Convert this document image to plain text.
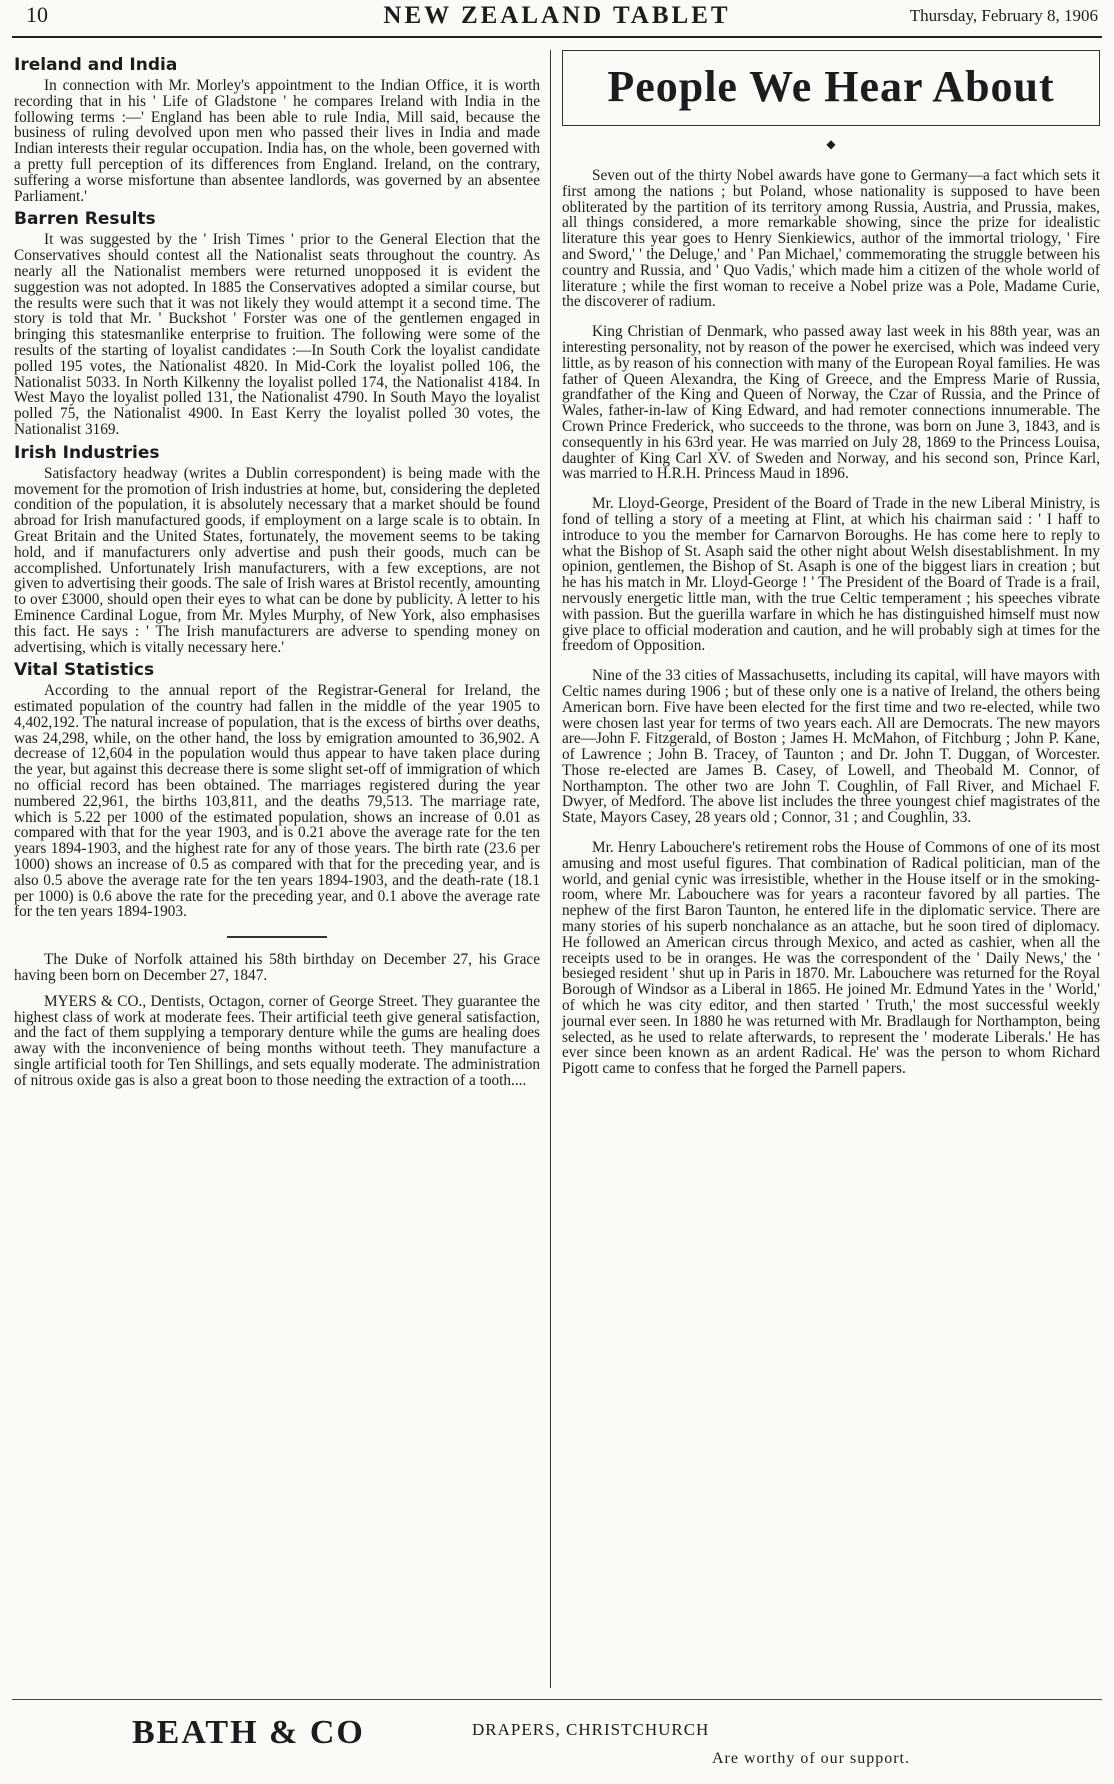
10	NEW ZEALAND TABLET	Thursday, February 8, 1906
Ireland and India

In connection with Mr. Morley's appointment to the Indian Office, it is worth recording that in his ' Life of Gladstone ' he compares Ireland with India in the following terms :—' England has been able to rule India, Mill said, because the business of ruling devolved upon men who passed their lives in India and made Indian interests their regular occupation. India has, on the whole, been governed with a pretty full perception of its differences from England. Ireland, on the contrary, suffering a worse misfortune than absentee landlords, was governed by an absentee Parliament.'

Barren Results

It was suggested by the ' Irish Times ' prior to the General Election that the Conservatives should contest all the Nationalist seats throughout the country. As nearly all the Nationalist members were returned unopposed it is evident the suggestion was not adopted. In 1885 the Conservatives adopted a similar course, but the results were such that it was not likely they would attempt it a second time. The story is told that Mr. ' Buckshot ' Forster was one of the gentlemen engaged in bringing this statesmanlike enterprise to fruition. The following were some of the results of the starting of loyalist candidates :—In South Cork the loyalist candidate polled 195 votes, the Nationalist 4820. In Mid-Cork the loyalist polled 106, the Nationalist 5033. In North Kilkenny the loyalist polled 174, the Nationalist 4184. In West Mayo the loyalist polled 131, the Nationalist 4790. In South Mayo the loyalist polled 75, the Nationalist 4900. In East Kerry the loyalist polled 30 votes, the Nationalist 3169.

Irish Industries

Satisfactory headway (writes a Dublin correspondent) is being made with the movement for the promotion of Irish industries at home, but, considering the depleted condition of the population, it is absolutely necessary that a market should be found abroad for Irish manufactured goods, if employment on a large scale is to obtain. In Great Britain and the United States, fortunately, the movement seems to be taking hold, and if manufacturers only advertise and push their goods, much can be accomplished. Unfortunately Irish manufacturers, with a few exceptions, are not given to advertising their goods. The sale of Irish wares at Bristol recently, amounting to over £3000, should open their eyes to what can be done by publicity. A letter to his Eminence Cardinal Logue, from Mr. Myles Murphy, of New York, also emphasises this fact. He says : ' The Irish manufacturers are adverse to spending money on advertising, which is vitally necessary here.'

Vital Statistics

According to the annual report of the Registrar-General for Ireland, the estimated population of the country had fallen in the middle of the year 1905 to 4,402,192. The natural increase of population, that is the excess of births over deaths, was 24,298, while, on the other hand, the loss by emigration amounted to 36,902. A decrease of 12,604 in the population would thus appear to have taken place during the year, but against this decrease there is some slight set-off of immigration of which no official record has been obtained. The marriages registered during the year numbered 22,961, the births 103,811, and the deaths 79,513. The marriage rate, which is 5.22 per 1000 of the estimated population, shows an increase of 0.01 as compared with that for the year 1903, and is 0.21 above the average rate for the ten years 1894-1903, and the highest rate for any of those years. The birth rate (23.6 per 1000) shows an increase of 0.5 as compared with that for the preceding year, and is also 0.5 above the average rate for the ten years 1894-1903, and the death-rate (18.1 per 1000) is 0.6 above the rate for the preceding year, and 0.1 above the average rate for the ten years 1894-1903.

The Duke of Norfolk attained his 58th birthday on December 27, his Grace having been born on December 27, 1847.

MYERS & CO., Dentists, Octagon, corner of George Street. They guarantee the highest class of work at moderate fees. Their artificial teeth give general satisfaction, and the fact of them supplying a temporary denture while the gums are healing does away with the inconvenience of being months without teeth. They manufacture a single artificial tooth for Ten Shillings, and sets equally moderate. The administration of nitrous oxide gas is also a great boon to those needing the extraction of a tooth....

People We Hear About
◆

Seven out of the thirty Nobel awards have gone to Germany—a fact which sets it first among the nations ; but Poland, whose nationality is supposed to have been obliterated by the partition of its territory among Russia, Austria, and Prussia, makes, all things considered, a more remarkable showing, since the prize for idealistic literature this year goes to Henry Sienkiewics, author of the immortal triology, ' Fire and Sword,' ' the Deluge,' and ' Pan Michael,' commemorating the struggle between his country and Russia, and ' Quo Vadis,' which made him a citizen of the whole world of literature ; while the first woman to receive a Nobel prize was a Pole, Madame Curie, the discoverer of radium.

King Christian of Denmark, who passed away last week in his 88th year, was an interesting personality, not by reason of the power he exercised, which was indeed very little, as by reason of his connection with many of the European Royal families. He was father of Queen Alexandra, the King of Greece, and the Empress Marie of Russia, grandfather of the King and Queen of Norway, the Czar of Russia, and the Prince of Wales, father-in-law of King Edward, and had remoter connections innumerable. The Crown Prince Frederick, who succeeds to the throne, was born on June 3, 1843, and is consequently in his 63rd year. He was married on July 28, 1869 to the Princess Louisa, daughter of King Carl XV. of Sweden and Norway, and his second son, Prince Karl, was married to H.R.H. Princess Maud in 1896.

Mr. Lloyd-George, President of the Board of Trade in the new Liberal Ministry, is fond of telling a story of a meeting at Flint, at which his chairman said : ' I haff to introduce to you the member for Carnarvon Boroughs. He has come here to reply to what the Bishop of St. Asaph said the other night about Welsh disestablishment. In my opinion, gentlemen, the Bishop of St. Asaph is one of the biggest liars in creation ; but he has his match in Mr. Lloyd-George ! ' The President of the Board of Trade is a frail, nervously energetic little man, with the true Celtic temperament ; his speeches vibrate with passion. But the guerilla warfare in which he has distinguished himself must now give place to official moderation and caution, and he will probably sigh at times for the freedom of Opposition.

Nine of the 33 cities of Massachusetts, including its capital, will have mayors with Celtic names during 1906 ; but of these only one is a native of Ireland, the others being American born. Five have been elected for the first time and two re-elected, while two were chosen last year for terms of two years each. All are Democrats. The new mayors are—John F. Fitzgerald, of Boston ; James H. McMahon, of Fitchburg ; John P. Kane, of Lawrence ; John B. Tracey, of Taunton ; and Dr. John T. Duggan, of Worcester. Those re-elected are James B. Casey, of Lowell, and Theobald M. Connor, of Northampton. The other two are John T. Coughlin, of Fall River, and Michael F. Dwyer, of Medford. The above list includes the three youngest chief magistrates of the State, Mayors Casey, 28 years old ; Connor, 31 ; and Coughlin, 33.

Mr. Henry Labouchere's retirement robs the House of Commons of one of its most amusing and most useful figures. That combination of Radical politician, man of the world, and genial cynic was irresistible, whether in the House itself or in the smoking-room, where Mr. Labouchere was for years a raconteur favored by all parties. The nephew of the first Baron Taunton, he entered life in the diplomatic service. There are many stories of his superb nonchalance as an attache, but he soon tired of diplomacy. He followed an American circus through Mexico, and acted as cashier, when all the receipts used to be in oranges. He was the correspondent of the ' Daily News,' the ' besieged resident ' shut up in Paris in 1870. Mr. Labouchere was returned for the Royal Borough of Windsor as a Liberal in 1865. He joined Mr. Edmund Yates in the ' World,' of which he was city editor, and then started ' Truth,' the most successful weekly journal ever seen. In 1880 he was returned with Mr. Bradlaugh for Northampton, being selected, as he used to relate afterwards, to represent the ' moderate Liberals.' He has ever since been known as an ardent Radical. He' was the person to whom Richard Pigott came to confess that he forged the Parnell papers.

BEATH & CO	DRAPERS, CHRISTCHURCH
Are worthy of our support.
